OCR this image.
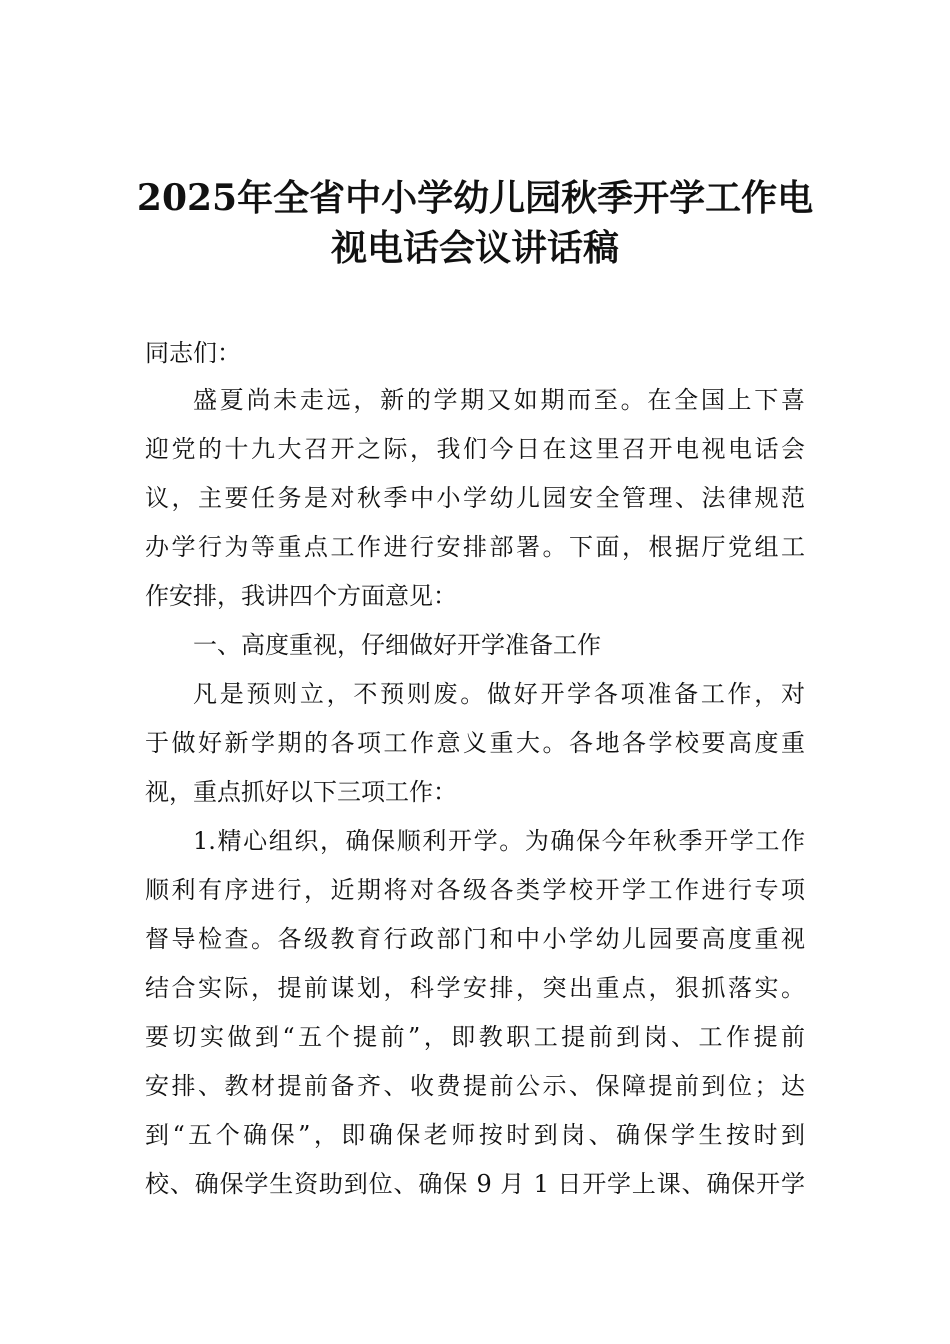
2025年全省中小学幼儿园秋季开学工作电
视电话会议讲话稿

同志们：

盛夏尚未走远，新的学期又如期而至。在全国上下喜

迎党的十九大召开之际，我们今日在这里召开电视电话会

议，主要任务是对秋季中小学幼儿园安全管理、法律规范

办学行为等重点工作进行安排部署。下面，根据厅党组工

作安排，我讲四个方面意见：

一、高度重视，仔细做好开学准备工作

凡是预则立，不预则废。做好开学各项准备工作，对

于做好新学期的各项工作意义重大。各地各学校要高度重

视，重点抓好以下三项工作：

1.精心组织，确保顺利开学。为确保今年秋季开学工作

顺利有序进行，近期将对各级各类学校开学工作进行专项

督导检查。各级教育行政部门和中小学幼儿园要高度重视

结合实际，提前谋划，科学安排，突出重点，狠抓落实。

要切实做到“五个提前”，即教职工提前到岗、工作提前

安排、教材提前备齐、收费提前公示、保障提前到位；达

到“五个确保”，即确保老师按时到岗、确保学生按时到

校、确保学生资助到位、确保 9 月 1 日开学上课、确保开学
